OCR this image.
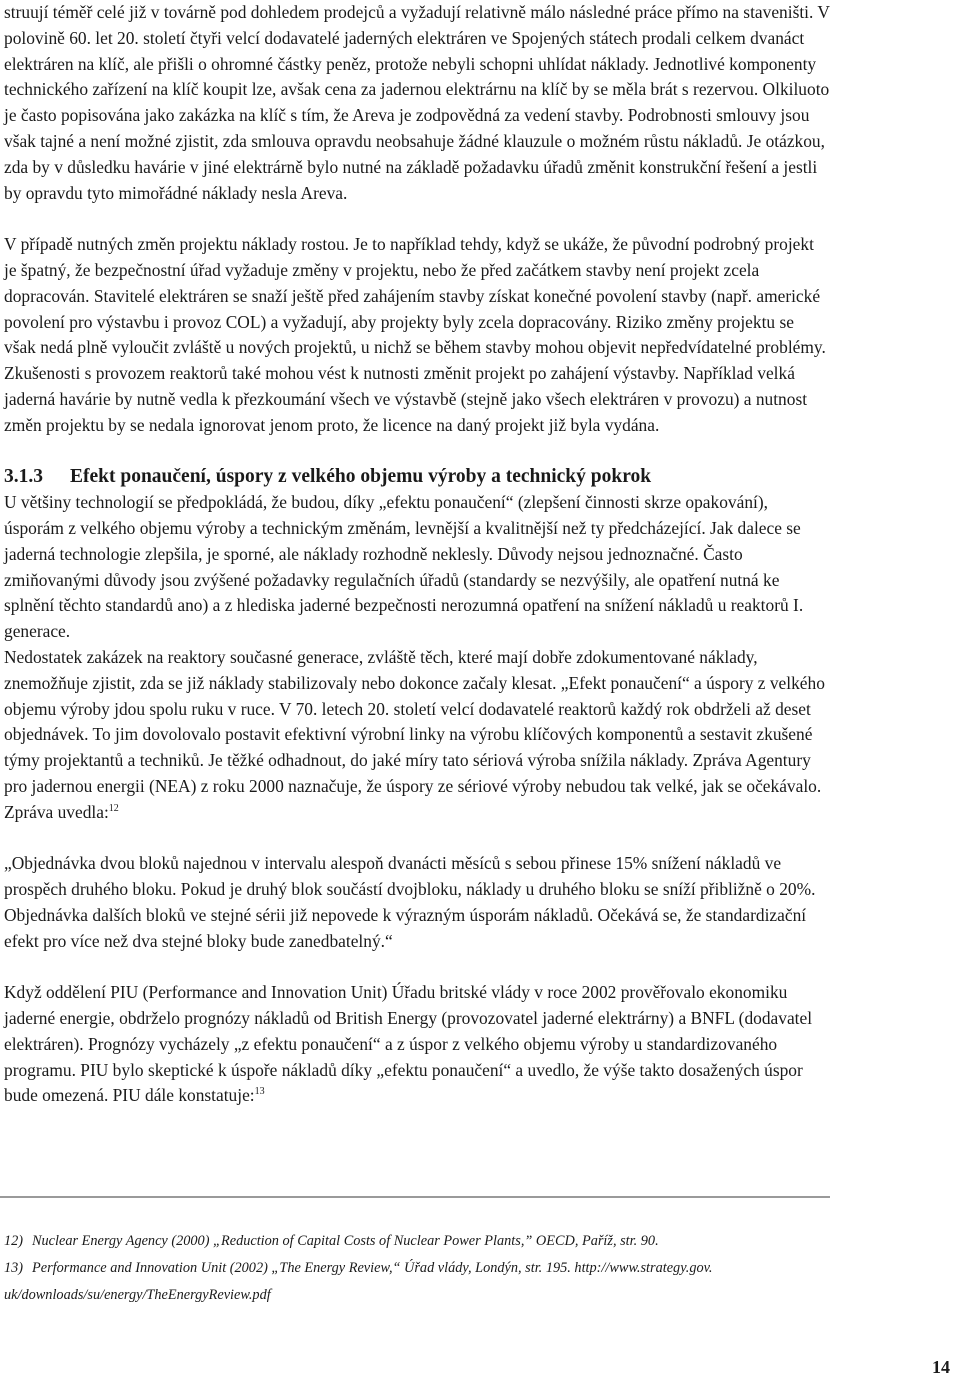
struují téměř celé již v továrně pod dohledem prodejců a vyžadují relativně málo následné práce přímo na staveništi. V polovině 60. let 20. století čtyři velcí dodavatelé jaderných elektráren ve Spojených státech prodali celkem dvanáct elektráren na klíč, ale přišli o ohromné částky peněz, protože nebyli schopni uhlídat náklady. Jednotlivé komponenty technického zařízení na klíč koupit lze, avšak cena za jadernou elektrárnu na klíč by se měla brát s rezervou. Olkiluoto je často popisována jako zakázka na klíč s tím, že Areva je zodpovědná za vedení stavby. Podrobnosti smlouvy jsou však tajné a není možné zjistit, zda smlouva opravdu neobsahuje žádné klauzule o možném růstu nákladů. Je otázkou, zda by v důsledku havárie v jiné elektrárně bylo nutné na základě požadavku úřadů změnit konstrukční řešení a jestli by opravdu tyto mimořádné náklady nesla Areva.

V případě nutných změn projektu náklady rostou. Je to například tehdy, když se ukáže, že původní podrobný projekt je špatný, že bezpečnostní úřad vyžaduje změny v projektu, nebo že před začátkem stavby není projekt zcela dopracován. Stavitelé elektráren se snaží ještě před zahájením stavby získat konečné povolení stavby (např. americké povolení pro výstavbu i provoz COL) a vyžadují, aby projekty byly zcela dopracovány. Riziko změny projektu se však nedá plně vyloučit zvláště u nových projektů, u nichž se během stavby mohou objevit nepředvídatelné problémy. Zkušenosti s provozem reaktorů také mohou vést k nutnosti změnit projekt po zahájení výstavby. Například velká jaderná havárie by nutně vedla k přezkoumání všech ve výstavbě (stejně jako všech elektráren v provozu) a nutnost změn projektu by se nedala ignorovat jenom proto, že licence na daný projekt již byla vydána.

3.1.3 Efekt ponaučení, úspory z velkého objemu výroby a technický pokrok

U většiny technologií se předpokládá, že budou, díky „efektu ponaučení“ (zlepšení činnosti skrze opakování), úsporám z velkého objemu výroby a technickým změnám, levnější a kvalitnější než ty předcházející. Jak dalece se jaderná technologie zlepšila, je sporné, ale náklady rozhodně neklesly. Důvody nejsou jednoznačné. Často zmiňovanými důvody jsou zvýšené požadavky regulačních úřadů (standardy se nezvýšily, ale opatření nutná ke splnění těchto standardů ano) a z hlediska jaderné bezpečnosti nerozumná opatření na snížení nákladů u reaktorů I. generace.

Nedostatek zakázek na reaktory současné generace, zvláště těch, které mají dobře zdokumentované náklady, znemožňuje zjistit, zda se již náklady stabilizovaly nebo dokonce začaly klesat. „Efekt ponaučení“ a úspory z velkého objemu výroby jdou spolu ruku v ruce. V 70. letech 20. století velcí dodavatelé reaktorů každý rok obdrželi až deset objednávek. To jim dovolovalo postavit efektivní výrobní linky na výrobu klíčových komponentů a sestavit zkušené týmy projektantů a techniků. Je těžké odhadnout, do jaké míry tato sériová výroba snížila náklady. Zpráva Agentury pro jadernou energii (NEA) z roku 2000 naznačuje, že úspory ze sériové výroby nebudou tak velké, jak se očekávalo. Zpráva uvedla:$^{12}$

„Objednávka dvou bloků najednou v intervalu alespoň dvanácti měsíců s sebou přinese 15% snížení nákladů ve prospěch druhého bloku. Pokud je druhý blok součástí dvojbloku, náklady u druhého bloku se sníží přibližně o 20%. Objednávka dalších bloků ve stejné sérii již nepovede k výrazným úsporám nákladů. Očekává se, že standardizační efekt pro více než dva stejné bloky bude zanedbatelný.“

Když oddělení PIU (Performance and Innovation Unit) Úřadu britské vlády v roce 2002 prověřovalo ekonomiku jaderné energie, obdrželo prognózy nákladů od British Energy (provozovatel jaderné elektrárny) a BNFL (dodavatel elektráren). Prognózy vycházely „z efektu ponaučení“ a z úspor z velkého objemu výroby u standardizovaného programu. PIU bylo skeptické k úspoře nákladů díky „efektu ponaučení“ a uvedlo, že výše takto dosažených úspor bude omezená. PIU dále konstatuje:$^{13}$

12) Nuclear Energy Agency (2000) „Reduction of Capital Costs of Nuclear Power Plants,” OECD, Paříž, str. 90.

13) Performance and Innovation Unit (2002) „The Energy Review,“ Úřad vlády, Londýn, str. 195. http://www.strategy.gov.

uk/downloads/su/energy/TheEnergyReview.pdf

14
